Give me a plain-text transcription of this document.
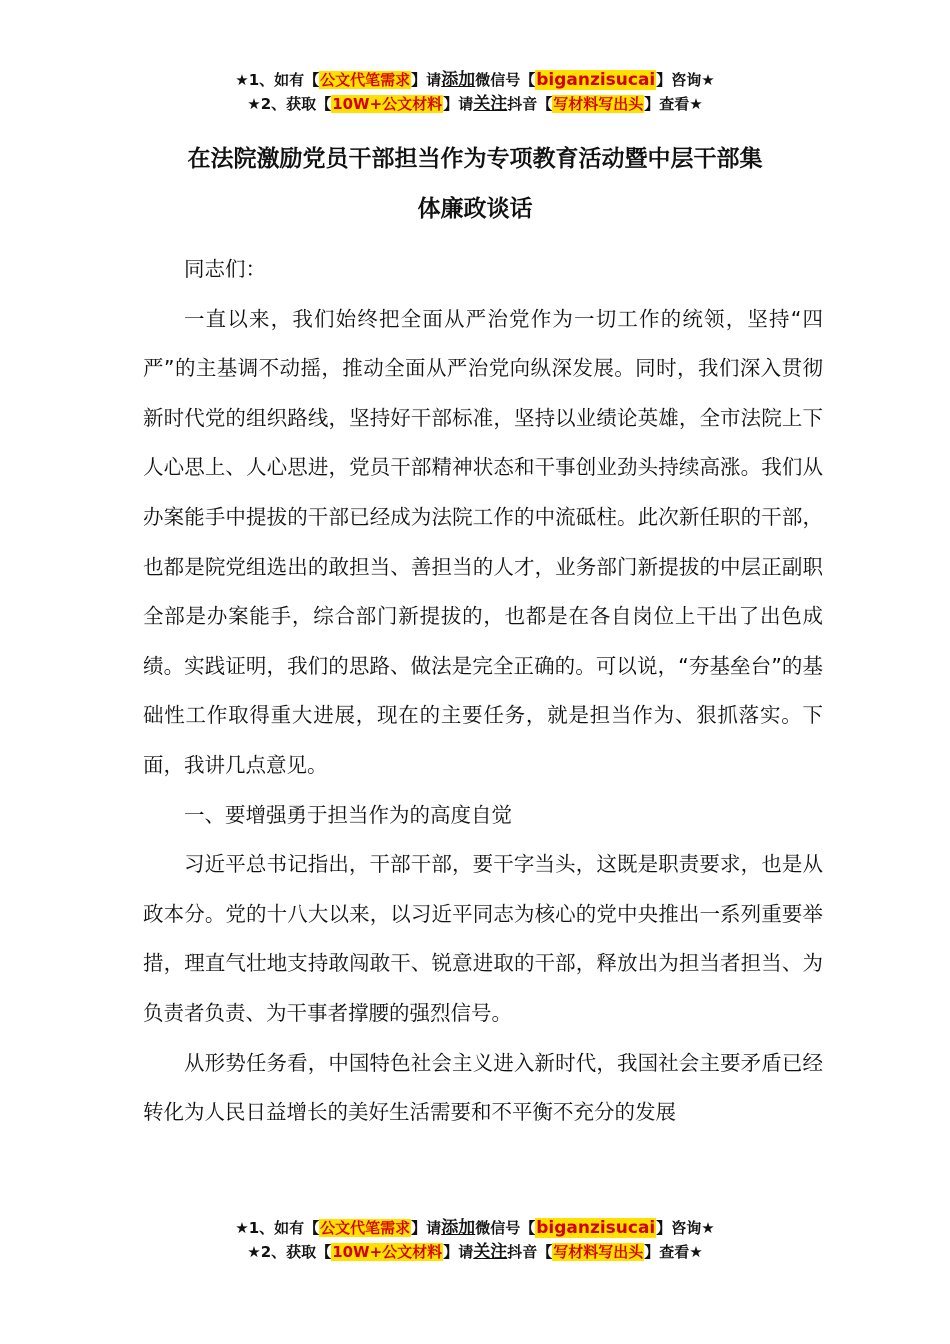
★1、如有【公文代笔需求】请添加微信号【biganzisucai】咨询★
★2、获取【10W+公文材料】请关注抖音【写材料写出头】查看★
在法院激励党员干部担当作为专项教育活动暨中层干部集
体廉政谈话

同志们：

一直以来，我们始终把全面从严治党作为一切工作的统领，坚持“四严”的主基调不动摇，推动全面从严治党向纵深发展。同时，我们深入贯彻新时代党的组织路线，坚持好干部标准，坚持以业绩论英雄，全市法院上下人心思上、人心思进，党员干部精神状态和干事创业劲头持续高涨。我们从办案能手中提拔的干部已经成为法院工作的中流砥柱。此次新任职的干部，也都是院党组选出的敢担当、善担当的人才，业务部门新提拔的中层正副职全部是办案能手，综合部门新提拔的，也都是在各自岗位上干出了出色成绩。实践证明，我们的思路、做法是完全正确的。可以说，“夯基垒台”的基础性工作取得重大进展，现在的主要任务，就是担当作为、狠抓落实。下面，我讲几点意见。

一、要增强勇于担当作为的高度自觉

习近平总书记指出，干部干部，要干字当头，这既是职责要求，也是从政本分。党的十八大以来，以习近平同志为核心的党中央推出一系列重要举措，理直气壮地支持敢闯敢干、锐意进取的干部，释放出为担当者担当、为负责者负责、为干事者撑腰的强烈信号。

从形势任务看，中国特色社会主义进入新时代，我国社会主要矛盾已经转化为人民日益增长的美好生活需要和不平衡不充分的发展

★1、如有【公文代笔需求】请添加微信号【biganzisucai】咨询★
★2、获取【10W+公文材料】请关注抖音【写材料写出头】查看★
